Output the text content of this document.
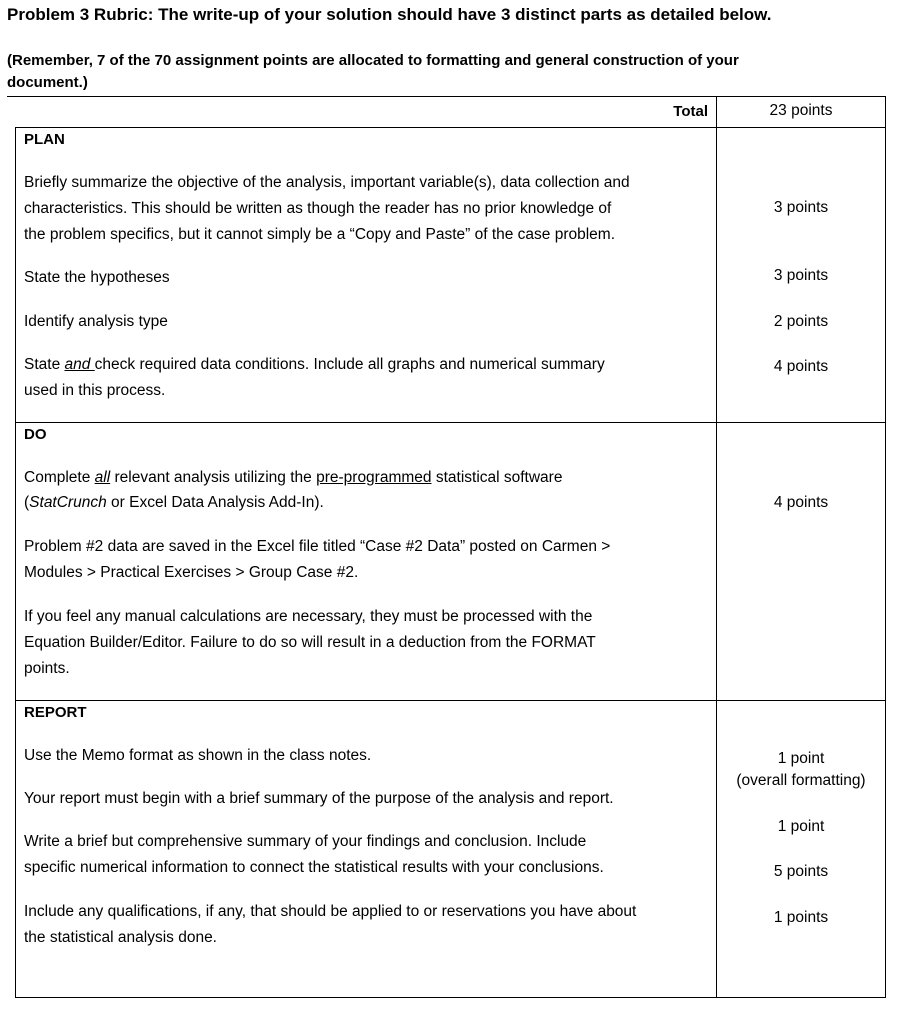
Problem 3 Rubric: The write-up of your solution should have 3 distinct parts as detailed below.
(Remember, 7 of the 70 assignment points are allocated to formatting and general construction of your
document.)
Total	23 points
PLAN
Briefly summarize the objective of the analysis, important variable(s), data collection and
characteristics. This should be written as though the reader has no prior knowledge of
the problem specifics, but it cannot simply be a “Copy and Paste” of the case problem.
3 points
State the hypotheses	3 points
Identify analysis type	2 points
State and check required data conditions. Include all graphs and numerical summary
used in this process.
4 points
DO
Complete all relevant analysis utilizing the pre-programmed statistical software
(StatCrunch or Excel Data Analysis Add-In).	4 points
Problem #2 data are saved in the Excel file titled “Case #2 Data” posted on Carmen >
Modules > Practical Exercises > Group Case #2.
If you feel any manual calculations are necessary, they must be processed with the
Equation Builder/Editor. Failure to do so will result in a deduction from the FORMAT
points.
REPORT
Use the Memo format as shown in the class notes.	1 point
(overall formatting)
Your report must begin with a brief summary of the purpose of the analysis and report.
1 point
Write a brief but comprehensive summary of your findings and conclusion. Include
specific numerical information to connect the statistical results with your conclusions.	5 points
Include any qualifications, if any, that should be applied to or reservations you have about
the statistical analysis done.
1 points
